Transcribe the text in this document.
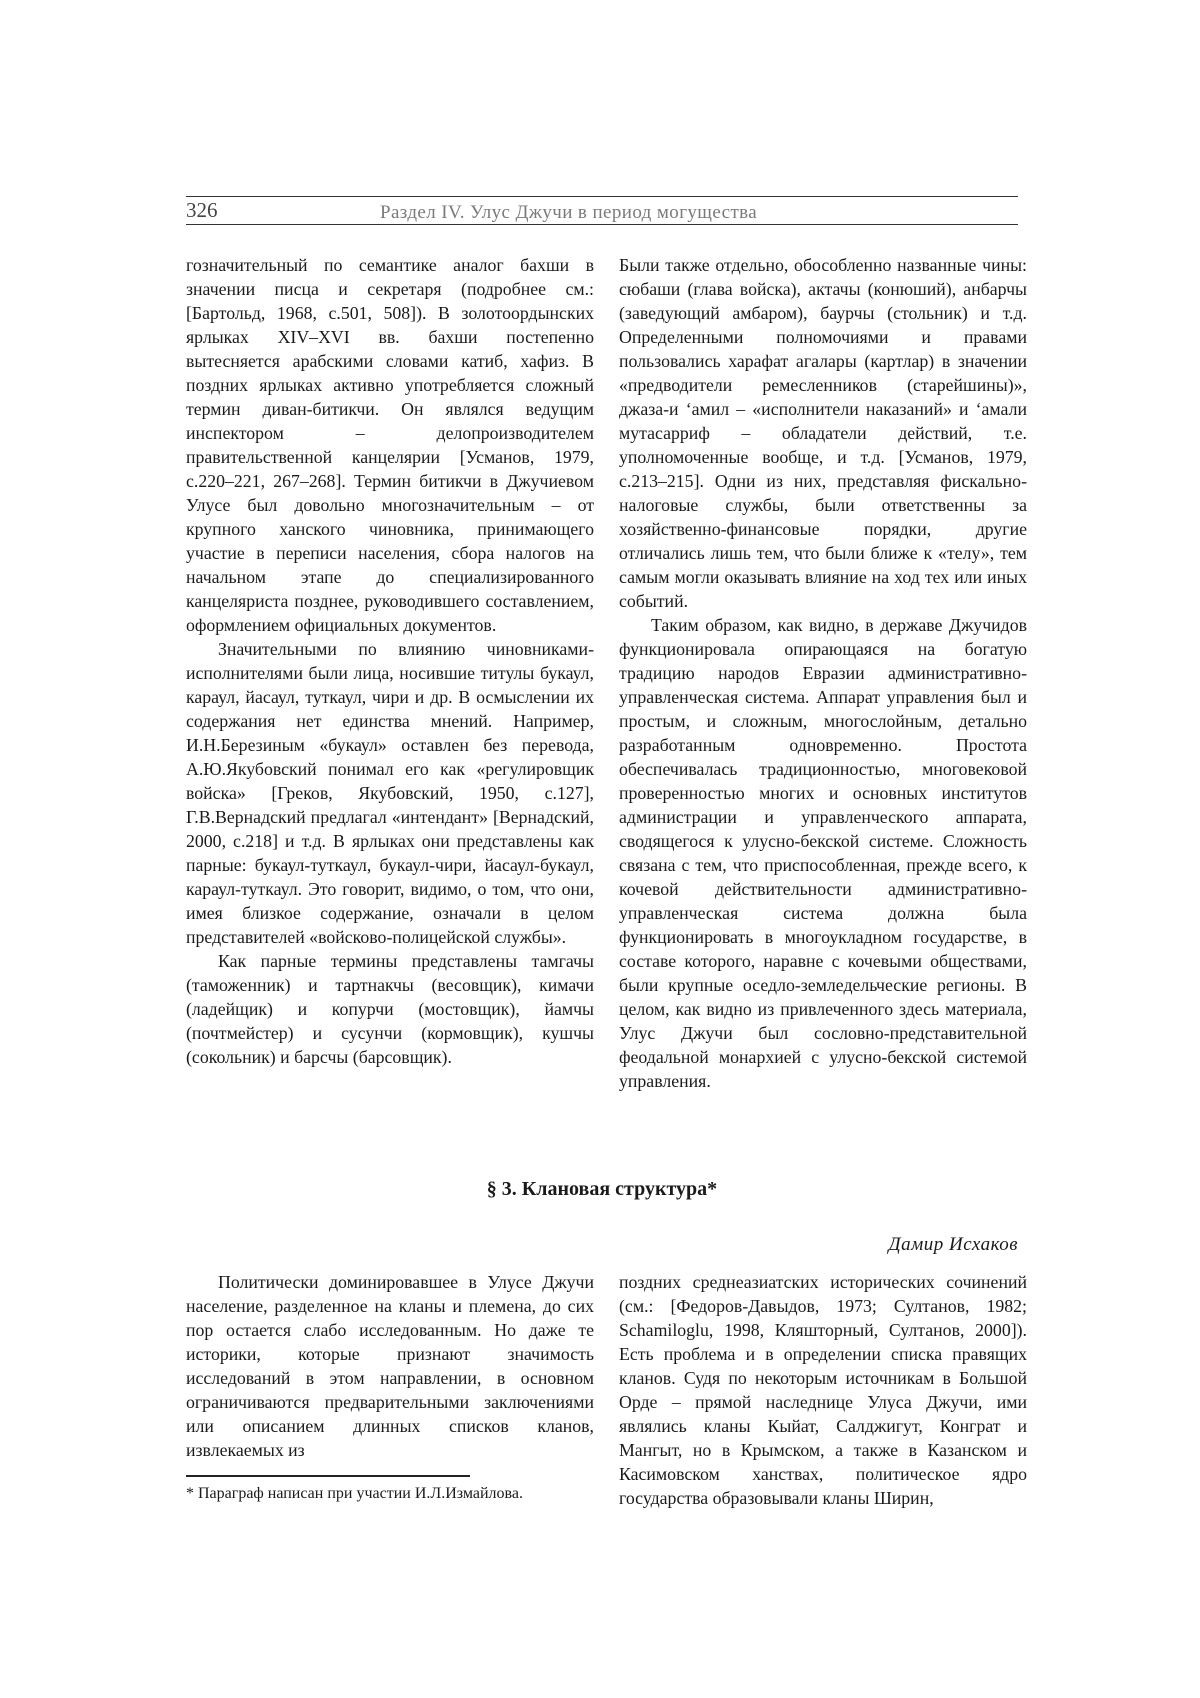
326	Раздел IV. Улус Джучи в период могущества

гозначительный по семантике аналог бахши в значении писца и секретаря (подробнее см.: [Бартольд, 1968, с.501, 508]). В золотоордынских ярлыках XIV–XVI вв. бахши постепенно вытесняется арабскими словами катиб, хафиз. В поздних ярлыках активно употребляется сложный термин диван-битикчи. Он являлся ведущим инспектором – делопроизводителем правительственной канцелярии [Усманов, 1979, с.220–221, 267–268]. Термин битикчи в Джучиевом Улусе был довольно многозначительным – от крупного ханского чиновника, принимающего участие в переписи населения, сбора налогов на начальном этапе до специализированного канцеляриста позднее, руководившего составлением, оформлением официальных документов.

Значительными по влиянию чиновниками-исполнителями были лица, носившие титулы букаул, караул, йасаул, туткаул, чири и др. В осмыслении их содержания нет единства мнений. Например, И.Н.Березиным «букаул» оставлен без перевода, А.Ю.Якубовский понимал его как «регулировщик войска» [Греков, Якубовский, 1950, с.127], Г.В.Вернадский предлагал «интендант» [Вернадский, 2000, с.218] и т.д. В ярлыках они представлены как парные: букаул-туткаул, букаул-чири, йасаул-букаул, караул-туткаул. Это говорит, видимо, о том, что они, имея близкое содержание, означали в целом представителей «войсково-полицейской службы».

Как парные термины представлены тамгачы (таможенник) и тартнакчы (весовщик), кимачи (ладейщик) и копурчи (мостовщик), йамчы (почтмейстер) и сусунчи (кормовщик), кушчы (сокольник) и барсчы (барсовщик).

Были также отдельно, обособленно названные чины: сюбаши (глава войска), актачы (конюший), анбарчы (заведующий амбаром), баурчы (стольник) и т.д. Определенными полномочиями и правами пользовались харафат агалары (картлар) в значении «предводители ремесленников (старейшины)», джаза-и ‘амил – «исполнители наказаний» и ‘амали мутасарриф – обладатели действий, т.е. уполномоченные вообще, и т.д. [Усманов, 1979, с.213–215]. Одни из них, представляя фискально-налоговые службы, были ответственны за хозяйственно-финансовые порядки, другие отличались лишь тем, что были ближе к «телу», тем самым могли оказывать влияние на ход тех или иных событий.

Таким образом, как видно, в державе Джучидов функционировала опирающаяся на богатую традицию народов Евразии административно-управленческая система. Аппарат управления был и простым, и сложным, многослойным, детально разработанным одновременно. Простота обеспечивалась традиционностью, многовековой проверенностью многих и основных институтов администрации и управленческого аппарата, сводящегося к улусно-бекской системе. Сложность связана с тем, что приспособленная, прежде всего, к кочевой действительности административно-управленческая система должна была функционировать в многоукладном государстве, в составе которого, наравне с кочевыми обществами, были крупные оседло-земледельческие регионы. В целом, как видно из привлеченного здесь материала, Улус Джучи был сословно-представительной феодальной монархией с улусно-бекской системой управления.

§ 3. Клановая структура*
Дамир Исхаков

Политически доминировавшее в Улусе Джучи население, разделенное на кланы и племена, до сих пор остается слабо исследованным. Но даже те историки, которые признают значимость исследований в этом направлении, в основном ограничиваются предварительными заключениями или описанием длинных списков кланов, извлекаемых из

поздних среднеазиатских исторических сочинений (см.: [Федоров-Давыдов, 1973; Султанов, 1982; Schamiloglu, 1998, Кляшторный, Султанов, 2000]). Есть проблема и в определении списка правящих кланов. Судя по некоторым источникам в Большой Орде – прямой наследнице Улуса Джучи, ими являлись кланы Кыйат, Салджигут, Конграт и Мангыт, но в Крымском, а также в Казанском и Касимовском ханствах, политическое ядро государства образовывали кланы Ширин,

* Параграф написан при участии И.Л.Измайлова.
